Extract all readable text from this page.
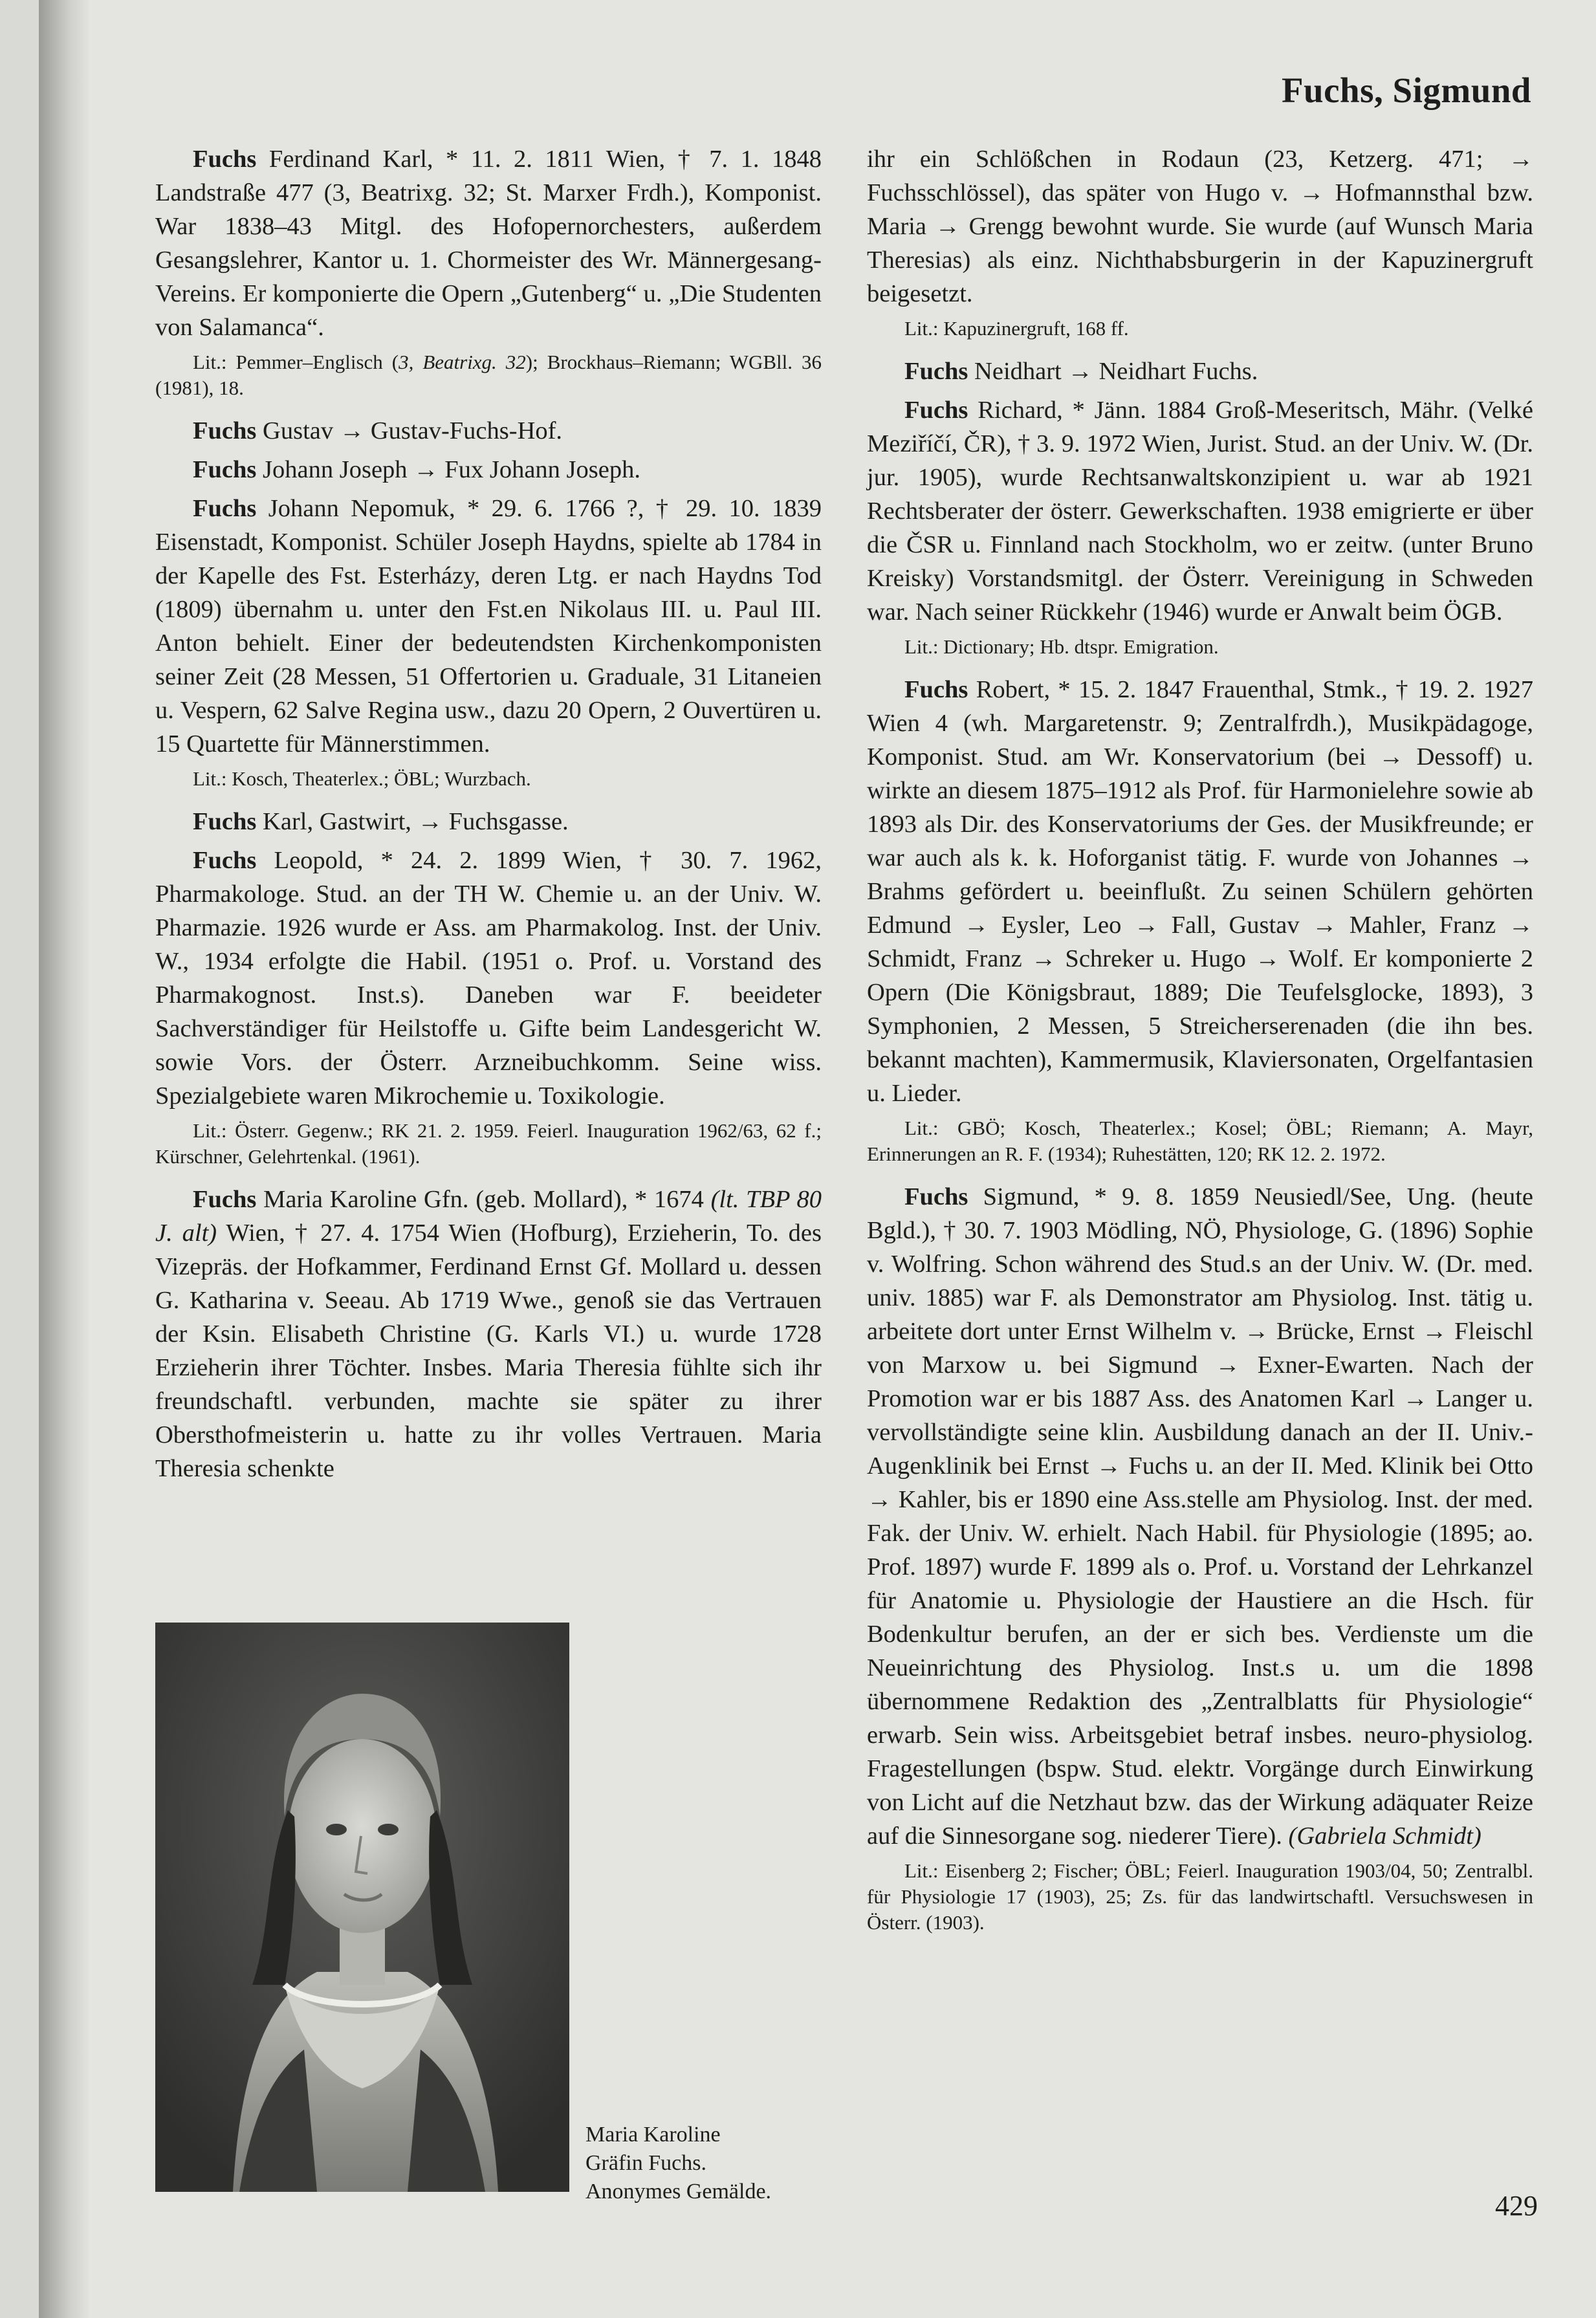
Fuchs, Sigmund

Fuchs Ferdinand Karl, * 11. 2. 1811 Wien, † 7. 1. 1848 Landstraße 477 (3, Beatrixg. 32; St. Marxer Frdh.), Komponist. War 1838–43 Mitgl. des Hofopernorchesters, außerdem Gesangslehrer, Kantor u. 1. Chormeister des Wr. Männergesang-Vereins. Er komponierte die Opern „Gutenberg“ u. „Die Studenten von Salamanca“.

Lit.: Pemmer–Englisch (3, Beatrixg. 32); Brockhaus–Riemann; WGBll. 36 (1981), 18.

Fuchs Gustav → Gustav-Fuchs-Hof.

Fuchs Johann Joseph → Fux Johann Joseph.

Fuchs Johann Nepomuk, * 29. 6. 1766 ?, † 29. 10. 1839 Eisenstadt, Komponist. Schüler Joseph Haydns, spielte ab 1784 in der Kapelle des Fst. Esterházy, deren Ltg. er nach Haydns Tod (1809) übernahm u. unter den Fst.en Nikolaus III. u. Paul III. Anton behielt. Einer der bedeutendsten Kirchenkomponisten seiner Zeit (28 Messen, 51 Offertorien u. Graduale, 31 Litaneien u. Vespern, 62 Salve Regina usw., dazu 20 Opern, 2 Ouvertüren u. 15 Quartette für Männerstimmen.

Lit.: Kosch, Theaterlex.; ÖBL; Wurzbach.

Fuchs Karl, Gastwirt, → Fuchsgasse.

Fuchs Leopold, * 24. 2. 1899 Wien, † 30. 7. 1962, Pharmakologe. Stud. an der TH W. Chemie u. an der Univ. W. Pharmazie. 1926 wurde er Ass. am Pharmakolog. Inst. der Univ. W., 1934 erfolgte die Habil. (1951 o. Prof. u. Vorstand des Pharmakognost. Inst.s). Daneben war F. beeideter Sachverständiger für Heilstoffe u. Gifte beim Landesgericht W. sowie Vors. der Österr. Arzneibuchkomm. Seine wiss. Spezialgebiete waren Mikrochemie u. Toxikologie.

Lit.: Österr. Gegenw.; RK 21. 2. 1959. Feierl. Inauguration 1962/63, 62 f.; Kürschner, Gelehrtenkal. (1961).

Fuchs Maria Karoline Gfn. (geb. Mollard), * 1674 (lt. TBP 80 J. alt) Wien, † 27. 4. 1754 Wien (Hofburg), Erzieherin, To. des Vizepräs. der Hofkammer, Ferdinand Ernst Gf. Mollard u. dessen G. Katharina v. Seeau. Ab 1719 Wwe., genoß sie das Vertrauen der Ksin. Elisabeth Christine (G. Karls VI.) u. wurde 1728 Erzieherin ihrer Töchter. Insbes. Maria Theresia fühlte sich ihr freundschaftl. verbunden, machte sie später zu ihrer Obersthofmeisterin u. hatte zu ihr volles Vertrauen. Maria Theresia schenkte

Maria Karoline
Gräfin Fuchs.
Anonymes Gemälde.

ihr ein Schlößchen in Rodaun (23, Ketzerg. 471; → Fuchsschlössel), das später von Hugo v. → Hofmannsthal bzw. Maria → Grengg bewohnt wurde. Sie wurde (auf Wunsch Maria Theresias) als einz. Nichthabsburgerin in der Kapuzinergruft beigesetzt.

Lit.: Kapuzinergruft, 168 ff.

Fuchs Neidhart → Neidhart Fuchs.

Fuchs Richard, * Jänn. 1884 Groß-Meseritsch, Mähr. (Velké Meziříčí, ČR), † 3. 9. 1972 Wien, Jurist. Stud. an der Univ. W. (Dr. jur. 1905), wurde Rechtsanwaltskonzipient u. war ab 1921 Rechtsberater der österr. Gewerkschaften. 1938 emigrierte er über die ČSR u. Finnland nach Stockholm, wo er zeitw. (unter Bruno Kreisky) Vorstandsmitgl. der Österr. Vereinigung in Schweden war. Nach seiner Rückkehr (1946) wurde er Anwalt beim ÖGB.

Lit.: Dictionary; Hb. dtspr. Emigration.

Fuchs Robert, * 15. 2. 1847 Frauenthal, Stmk., † 19. 2. 1927 Wien 4 (wh. Margaretenstr. 9; Zentralfrdh.), Musikpädagoge, Komponist. Stud. am Wr. Konservatorium (bei → Dessoff) u. wirkte an diesem 1875–1912 als Prof. für Harmonielehre sowie ab 1893 als Dir. des Konservatoriums der Ges. der Musikfreunde; er war auch als k. k. Hoforganist tätig. F. wurde von Johannes → Brahms gefördert u. beeinflußt. Zu seinen Schülern gehörten Edmund → Eysler, Leo → Fall, Gustav → Mahler, Franz → Schmidt, Franz → Schreker u. Hugo → Wolf. Er komponierte 2 Opern (Die Königsbraut, 1889; Die Teufelsglocke, 1893), 3 Symphonien, 2 Messen, 5 Streicherserenaden (die ihn bes. bekannt machten), Kammermusik, Klaviersonaten, Orgelfantasien u. Lieder.

Lit.: GBÖ; Kosch, Theaterlex.; Kosel; ÖBL; Riemann; A. Mayr, Erinnerungen an R. F. (1934); Ruhestätten, 120; RK 12. 2. 1972.

Fuchs Sigmund, * 9. 8. 1859 Neusiedl/See, Ung. (heute Bgld.), † 30. 7. 1903 Mödling, NÖ, Physiologe, G. (1896) Sophie v. Wolfring. Schon während des Stud.s an der Univ. W. (Dr. med. univ. 1885) war F. als Demonstrator am Physiolog. Inst. tätig u. arbeitete dort unter Ernst Wilhelm v. → Brücke, Ernst → Fleischl von Marxow u. bei Sigmund → Exner-Ewarten. Nach der Promotion war er bis 1887 Ass. des Anatomen Karl → Langer u. vervollständigte seine klin. Ausbildung danach an der II. Univ.-Augenklinik bei Ernst → Fuchs u. an der II. Med. Klinik bei Otto → Kahler, bis er 1890 eine Ass.stelle am Physiolog. Inst. der med. Fak. der Univ. W. erhielt. Nach Habil. für Physiologie (1895; ao. Prof. 1897) wurde F. 1899 als o. Prof. u. Vorstand der Lehrkanzel für Anatomie u. Physiologie der Haustiere an die Hsch. für Bodenkultur berufen, an der er sich bes. Verdienste um die Neueinrichtung des Physiolog. Inst.s u. um die 1898 übernommene Redaktion des „Zentralblatts für Physiologie“ erwarb. Sein wiss. Arbeitsgebiet betraf insbes. neuro-physiolog. Fragestellungen (bspw. Stud. elektr. Vorgänge durch Einwirkung von Licht auf die Netzhaut bzw. das der Wirkung adäquater Reize auf die Sinnesorgane sog. niederer Tiere). (Gabriela Schmidt)

Lit.: Eisenberg 2; Fischer; ÖBL; Feierl. Inauguration 1903/04, 50; Zentralbl. für Physiologie 17 (1903), 25; Zs. für das landwirtschaftl. Versuchswesen in Österr. (1903).

429
